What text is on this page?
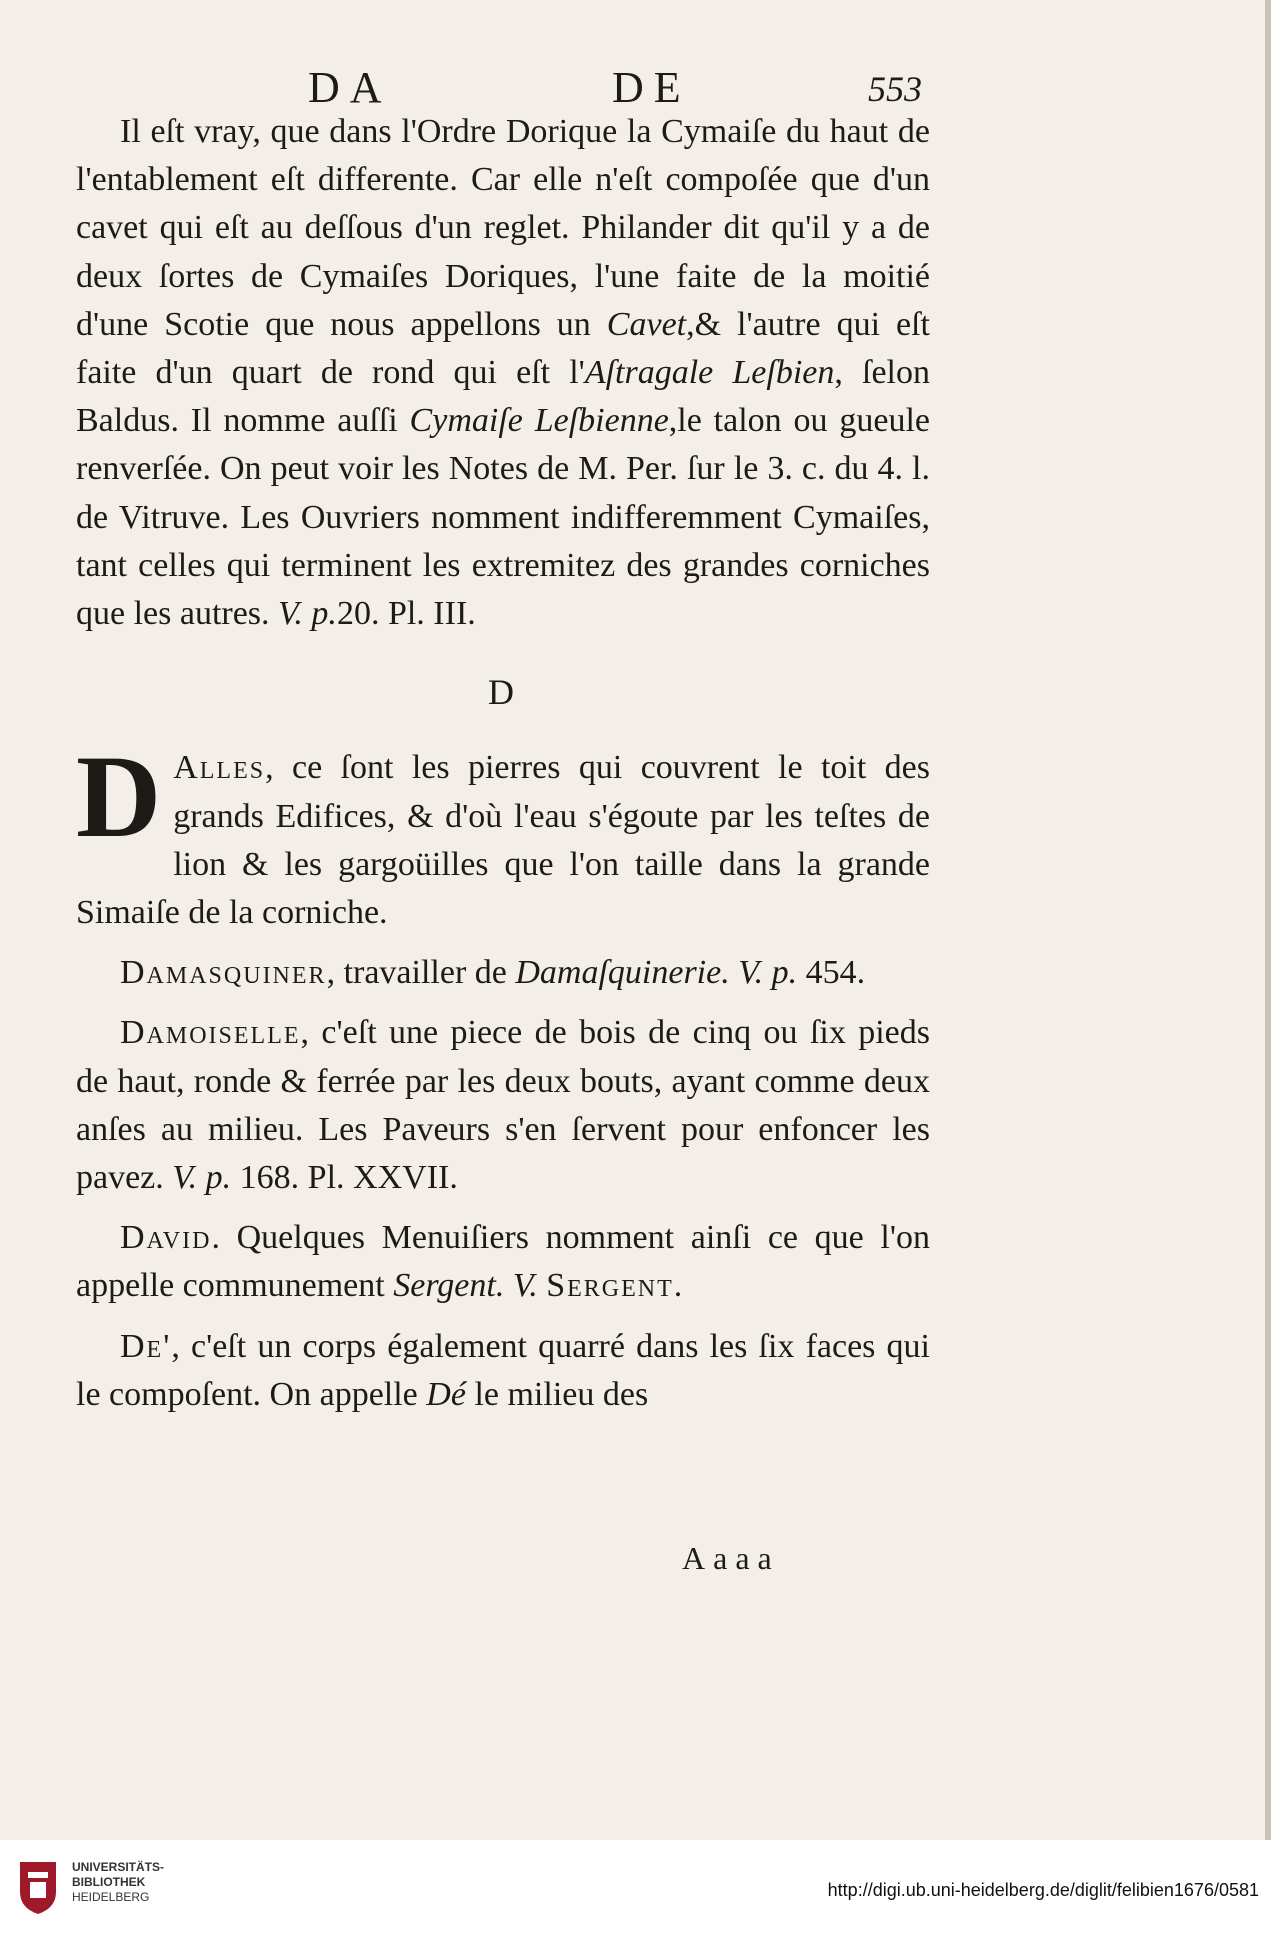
DA	DE	553

Il eſt vray, que dans l'Ordre Dorique la Cymaiſe du haut de l'entablement eſt differente. Car elle n'eſt compoſée que d'un cavet qui eſt au deſſous d'un reglet. Philander dit qu'il y a de deux ſortes de Cymaiſes Doriques, l'une faite de la moitié d'une Scotie que nous appellons un Cavet,& l'autre qui eſt faite d'un quart de rond qui eſt l'Aſtragale Leſbien, ſelon Baldus. Il nomme auſſi Cymaiſe Leſbienne,le talon ou gueule renverſée. On peut voir les Notes de M. Per. ſur le 3. c. du 4. l. de Vitruve. Les Ouvriers nomment indifferemment Cymaiſes, tant celles qui terminent les extremitez des grandes corniches que les autres. V. p.20. Pl. III.

D

D Alles, ce ſont les pierres qui couvrent le toit des grands Edifices, & d'où l'eau s'égoute par les teſtes de lion & les gargoüilles que l'on taille dans la grande Simaiſe de la corniche.

Damasquiner, travailler de Damaſquinerie. V. p. 454.

Damoiselle, c'eſt une piece de bois de cinq ou ſix pieds de haut, ronde & ferrée par les deux bouts, ayant comme deux anſes au milieu. Les Paveurs s'en ſervent pour enfoncer les pavez. V. p. 168. Pl. XXVII.

David. Quelques Menuiſiers nomment ainſi ce que l'on appelle communement Sergent. V. Sergent.

De', c'eſt un corps également quarré dans les ſix faces qui le compoſent. On appelle Dé le milieu des

Aaaa
UNIVERSITÄTS-
BIBLIOTHEK
HEIDELBERG	http://digi.ub.uni-heidelberg.de/diglit/felibien1676/0581
